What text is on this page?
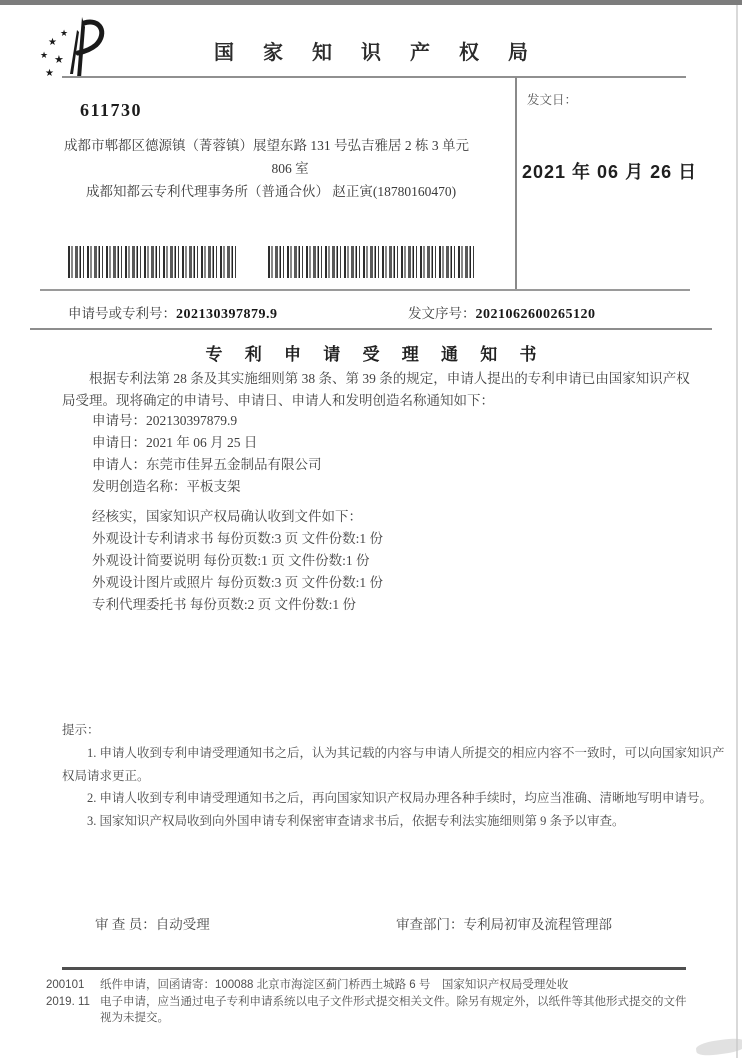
★
★
★ ★
★
国 家 知 识 产 权 局
发文日：
2021 年 06 月 26 日
611730
成都市郫都区德源镇（菁蓉镇）展望东路 131 号弘吉雅居 2 栋 3 单元
806 室
成都知都云专利代理事务所（普通合伙） 赵正寅(18780160470)
申请号或专利号：202130397879.9	发文序号：2021062600265120
专 利 申 请 受 理 通 知 书

根据专利法第 28 条及其实施细则第 38 条、第 39 条的规定，申请人提出的专利申请已由国家知识产权局受理。现将确定的申请号、申请日、申请人和发明创造名称通知如下：

申请号：202130397879.9
申请日：2021 年 06 月 25 日
申请人：东莞市佳昇五金制品有限公司
发明创造名称：平板支架
经核实，国家知识产权局确认收到文件如下：
外观设计专利请求书 每份页数:3 页 文件份数:1 份
外观设计简要说明 每份页数:1 页 文件份数:1 份
外观设计图片或照片 每份页数:3 页 文件份数:1 份
专利代理委托书 每份页数:2 页 文件份数:1 份
提示：

1. 申请人收到专利申请受理通知书之后，认为其记载的内容与申请人所提交的相应内容不一致时，可以向国家知识产权局请求更正。

2. 申请人收到专利申请受理通知书之后，再向国家知识产权局办理各种手续时，均应当准确、清晰地写明申请号。

3. 国家知识产权局收到向外国申请专利保密审查请求书后，依据专利法实施细则第 9 条予以审查。

审 查 员：自动受理	审查部门：专利局初审及流程管理部
200101
2019. 11

纸件申请，回函请寄：100088 北京市海淀区蓟门桥西土城路 6 号　国家知识产权局受理处收

电子申请，应当通过电子专利申请系统以电子文件形式提交相关文件。除另有规定外，以纸件等其他形式提交的文件视为未提交。
